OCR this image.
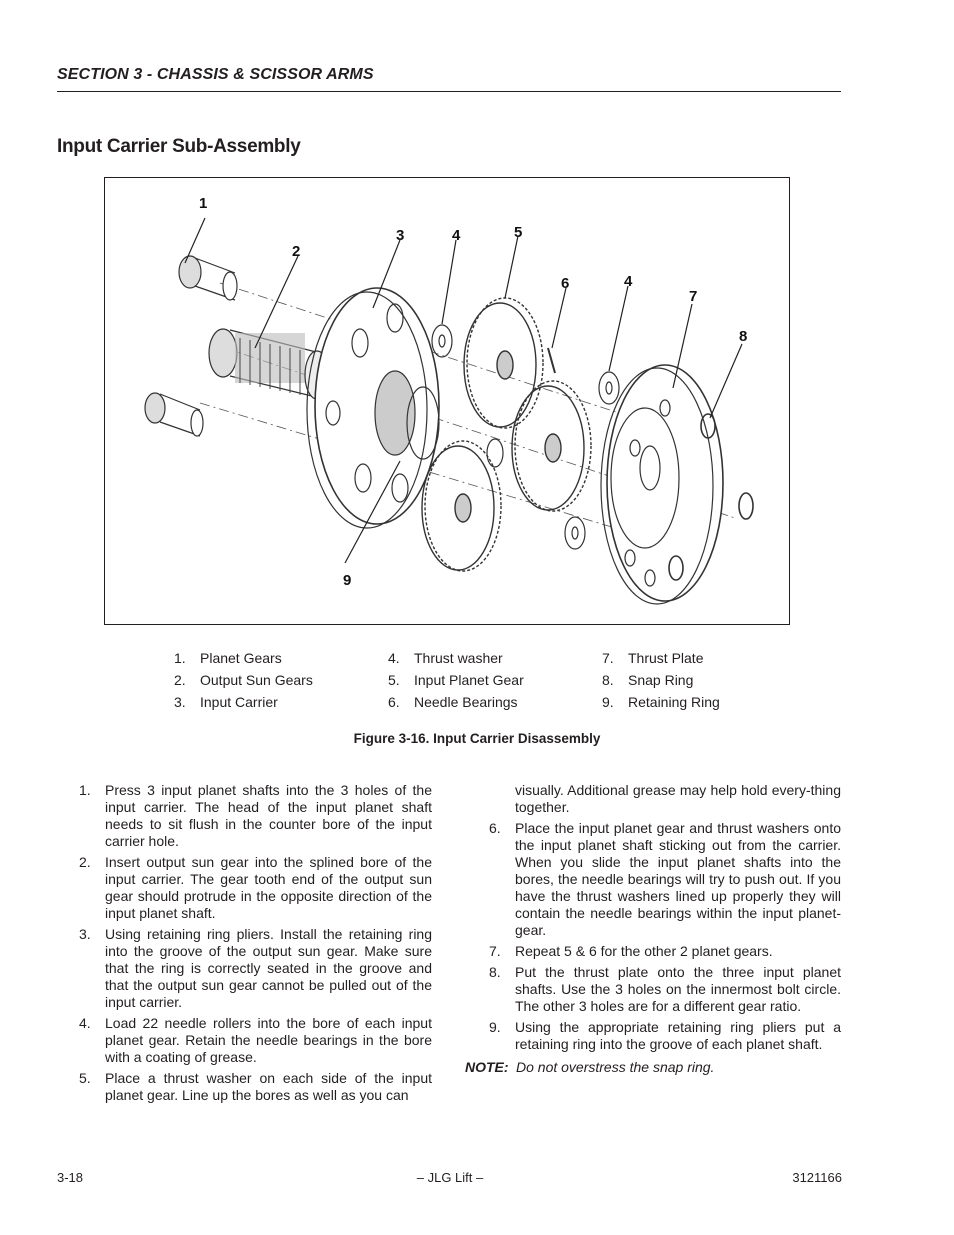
SECTION 3 - CHASSIS & SCISSOR ARMS
Input Carrier Sub-Assembly
1
2
3	4	5
6	4
7
8
9
1. Planet Gears
2. Output Sun Gears
3. Input Carrier
4. Thrust washer
5. Input Planet Gear
6. Needle Bearings
7. Thrust Plate
8. Snap Ring
9. Retaining Ring
Figure 3-16. Input Carrier Disassembly
1. Press 3 input planet shafts into the 3 holes of the input carrier. The head of the input planet shaft needs to sit flush in the counter bore of the input carrier hole.
2. Insert output sun gear into the splined bore of the input carrier. The gear tooth end of the output sun gear should protrude in the opposite direction of the input planet shaft.
3. Using retaining ring pliers. Install the retaining ring into the groove of the output sun gear. Make sure that the ring is correctly seated in the groove and that the output sun gear cannot be pulled out of the input carrier.
4. Load 22 needle rollers into the bore of each input planet gear. Retain the needle bearings in the bore with a coating of grease.
5. Place a thrust washer on each side of the input planet gear. Line up the bores as well as you can
visually. Additional grease may help hold every-thing together.
6. Place the input planet gear and thrust washers onto the input planet shaft sticking out from the carrier. When you slide the input planet shafts into the bores, the needle bearings will try to push out. If you have the thrust washers lined up properly they will contain the needle bearings within the input planet-gear.
7. Repeat 5 & 6 for the other 2 planet gears.
8. Put the thrust plate onto the three input planet shafts. Use the 3 holes on the innermost bolt circle. The other 3 holes are for a different gear ratio.
9. Using the appropriate retaining ring pliers put a retaining ring into the groove of each planet shaft.
NOTE: Do not overstress the snap ring.
3-18	– JLG Lift –	3121166
